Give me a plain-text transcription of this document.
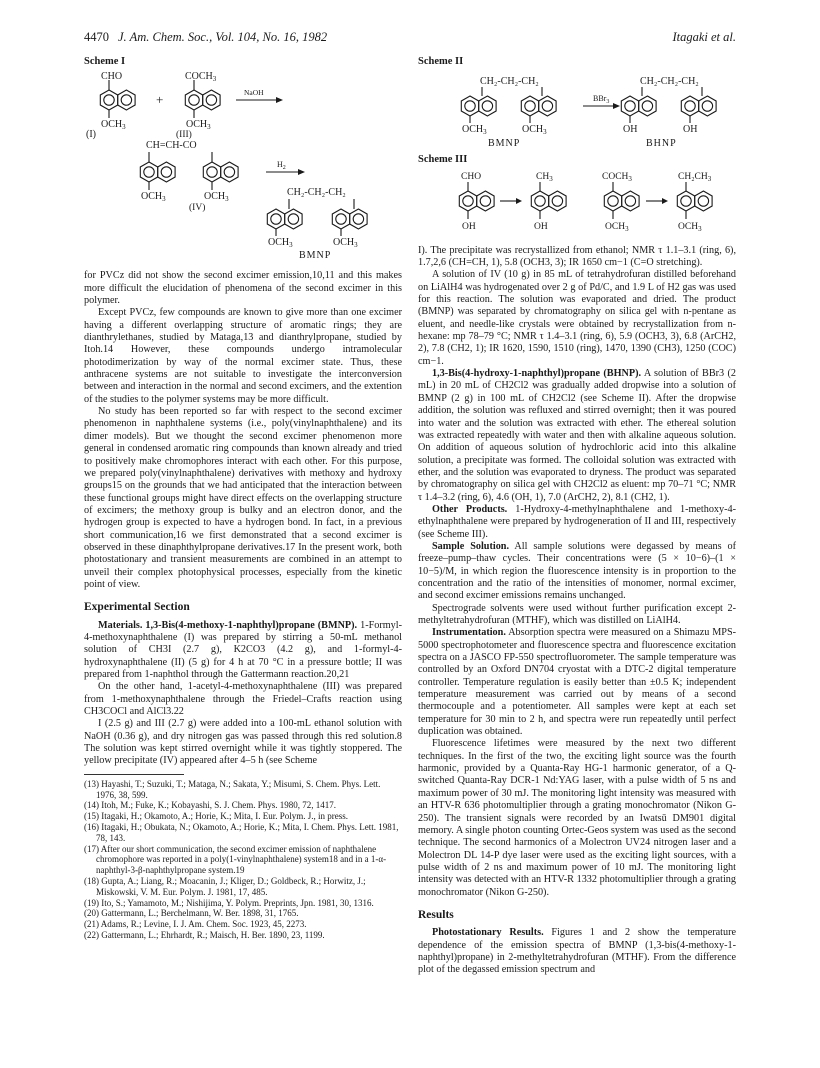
4470 J. Am. Chem. Soc., Vol. 104, No. 16, 1982	Itagaki et al.
Scheme I
CHO
$OCH_3$
(I)
+
$COCH_3$
$OCH_3$
(III)
NaOH
CH=CH-CO
$OCH_3$	$OCH_3$
(IV)
$H_2$
CH₂-CH₂-CH₂
$OCH_3$	$OCH_3$
BMNP

for PVCz did not show the second excimer emission,10,11 and this makes more difficult the elucidation of phenomena of the second excimer in this polymer.

Except PVCz, few compounds are known to give more than one excimer having a different overlapping structure of aromatic rings; they are dianthrylethanes, studied by Mataga,13 and dianthrylpropane, studied by Itoh.14 However, these compounds undergo intramolecular photodimerization by way of the normal excimer state. Thus, these anthracene systems are not suitable to investigate the interconversion between and interaction in the normal and second excimers, and the extention of the studies to the polymer systems may be more difficult.

No study has been reported so far with respect to the second excimer phenomenon in naphthalene systems (i.e., poly(vinylnaphthalene) and its dimer models). But we thought the second excimer phenomenon more general in condensed aromatic ring compounds than known already and tried to positively make chromophores interact with each other. For this purpose, we prepared poly(vinylnaphthalene) derivatives with methoxy and hydroxy groups15 on the grounds that we had anticipated that the interaction between these functional groups might have direct effects on the overlapping structure of excimers; the methoxy group is bulky and an electron donor, and the hydrogen group is expected to have a hydrogen bond. In fact, in a previous short communication,16 we first demonstrated that a second excimer is observed in these dinaphthylpropane derivatives.17 In the present work, both photostationary and transient measurements are combined in an attempt to unveil their complex photophysical processes, especially from the kinetic point of view.

Experimental Section

Materials. 1,3-Bis(4-methoxy-1-naphthyl)propane (BMNP). 1-Formyl-4-methoxynaphthalene (I) was prepared by stirring a 50-mL methanol solution of CH3I (2.7 g), K2CO3 (4.2 g), and 1-formyl-4-hydroxynaphthalene (II) (5 g) for 4 h at 70 °C in a pressure bottle; II was prepared from 1-naphthol through the Gattermann reaction.20,21

On the other hand, 1-acetyl-4-methoxynaphthalene (III) was prepared from 1-methoxynaphthalene through the Friedel–Crafts reaction using CH3COCl and AlCl3.22

I (2.5 g) and III (2.7 g) were added into a 100-mL ethanol solution with NaOH (0.36 g), and dry nitrogen gas was passed through this red solution.8 The solution was kept stirred overnight while it was tightly stoppered. The yellow precipitate (IV) appeared after 4–5 h (see Scheme

(13) Hayashi, T.; Suzuki, T.; Mataga, N.; Sakata, Y.; Misumi, S. Chem. Phys. Lett. 1976, 38, 599.

(14) Itoh, M.; Fuke, K.; Kobayashi, S. J. Chem. Phys. 1980, 72, 1417.

(15) Itagaki, H.; Okamoto, A.; Horie, K.; Mita, I. Eur. Polym. J., in press.

(16) Itagaki, H.; Obukata, N.; Okamoto, A.; Horie, K.; Mita, I. Chem. Phys. Lett. 1981, 78, 143.

(17) After our short communication, the second excimer emission of naphthalene chromophore was reported in a poly(1-vinylnaphthalene) system18 and in a 1-α-naphthyl-3-β-naphthylpropane system.19

(18) Gupta, A.; Liang, R.; Moacanin, J.; Kliger, D.; Goldbeck, R.; Horwitz, J.; Miskowski, V. M. Eur. Polym. J. 1981, 17, 485.

(19) Ito, S.; Yamamoto, M.; Nishijima, Y. Polym. Preprints, Jpn. 1981, 30, 1316.

(20) Gattermann, L.; Berchelmann, W. Ber. 1898, 31, 1765.

(21) Adams, R.; Levine, I. J. Am. Chem. Soc. 1923, 45, 2273.

(22) Gattermann, L.; Ehrhardt, R.; Maisch, H. Ber. 1890, 23, 1199.

Scheme II
CH₂-CH₂-CH₂
$OCH_3$	$OCH_3$
BMNP
BBr$_3$
CH₂-CH₂-CH₂
OH	OH
BHNP
Scheme III
CHO
OH
$CH_3$
OH
$COCH_3$
$OCH_3$
$CH_2CH_3$
$OCH_3$

I). The precipitate was recrystallized from ethanol; NMR τ 1.1–3.1 (ring, 6), 1.7,2,6 (CH=CH, 1), 5.8 (OCH3, 3); IR 1650 cm−1 (C=O stretching).

A solution of IV (10 g) in 85 mL of tetrahydrofuran distilled beforehand on LiAlH4 was hydrogenated over 2 g of Pd/C, and 1.9 L of H2 gas was used for this reaction. The solution was evaporated and dried. The product (BMNP) was separated by chromatography on silica gel with n-pentane as eluent, and needle-like crystals were obtained by recrystallization from n-hexane: mp 78–79 °C; NMR τ 1.4–3.1 (ring, 6), 5.9 (OCH3, 3), 6.8 (ArCH2, 2), 7.8 (CH2, 1); IR 1620, 1590, 1510 (ring), 1470, 1390 (CH3), 1250 (COC) cm−1.

1,3-Bis(4-hydroxy-1-naphthyl)propane (BHNP). A solution of BBr3 (2 mL) in 20 mL of CH2Cl2 was gradually added dropwise into a solution of BMNP (2 g) in 100 mL of CH2Cl2 (see Scheme II). After the dropwise addition, the solution was refluxed and stirred overnight; then it was poured into water and the solution was extracted with ether. The ethereal solution was extracted repeatedly with water and then with alkaline aqueous solution. On addition of aqueous solution of hydrochloric acid into this alkaline solution, a precipitate was formed. The colloidal solution was extracted with ether, and the solution was evaporated to dryness. The product was separated by chromatography on silica gel with CH2Cl2 as eluent: mp 70–71 °C; NMR τ 1.4–3.2 (ring, 6), 4.6 (OH, 1), 7.0 (ArCH2, 2), 8.1 (CH2, 1).

Other Products. 1-Hydroxy-4-methylnaphthalene and 1-methoxy-4-ethylnaphthalene were prepared by hydrogeneration of II and III, respectively (see Scheme III).

Sample Solution. All sample solutions were degassed by means of freeze–pump–thaw cycles. Their concentrations were (5 × 10−6)–(1 × 10−5)/M, in which region the fluorescence intensity is in proportion to the concentration and the ratio of the intensities of monomer, normal excimer, and second excimer emissions remains unchanged.

Spectrograde solvents were used without further purification except 2-methyltetrahydrofuran (MTHF), which was distilled on LiAlH4.

Instrumentation. Absorption spectra were measured on a Shimazu MPS-5000 spectrophotometer and fluorescence spectra and fluorescence excitation spectra on a JASCO FP-550 spectrofluorometer. The sample temperature was controlled by an Oxford DN704 cryostat with a DTC-2 digital temperature controller. Temperature regulation is easily better than ±0.5 K; independent temperature measurement was carried out by means of a second thermocouple and a potentiometer. All samples were kept at each set temperature for 30 min to 2 h, and spectra were run repeatedly until perfect duplication was obtained.

Fluorescence lifetimes were measured by the next two different techniques. In the first of the two, the exciting light source was the fourth harmonic, provided by a Quanta-Ray HG-1 harmonic generator, of a Q-switched Quanta-Ray DCR-1 Nd:YAG laser, with a pulse width of 5 ns and maximum power of 30 mJ. The monitoring light intensity was measured with an HTV-R 636 photomultiplier through a grating monochromator (Nikon G-250). The transient signals were recorded by an Iwatsū DM901 digital memory. A single photon counting Ortec-Geos system was used as the second technique. The second harmonics of a Molectron UV24 nitrogen laser and a Molectron DL 14-P dye laser were used as the exciting light sources, with a pulse width of 2 ns and maximum power of 10 mJ. The monitoring light intensity was detected with an HTV-R 1332 photomultiplier through a grating monochromator (Nikon G-250).

Results

Photostationary Results. Figures 1 and 2 show the temperature dependence of the emission spectra of BMNP (1,3-bis(4-methoxy-1-naphthyl)propane) in 2-methyltetrahydrofuran (MTHF). From the difference plot of the degassed emission spectrum and
